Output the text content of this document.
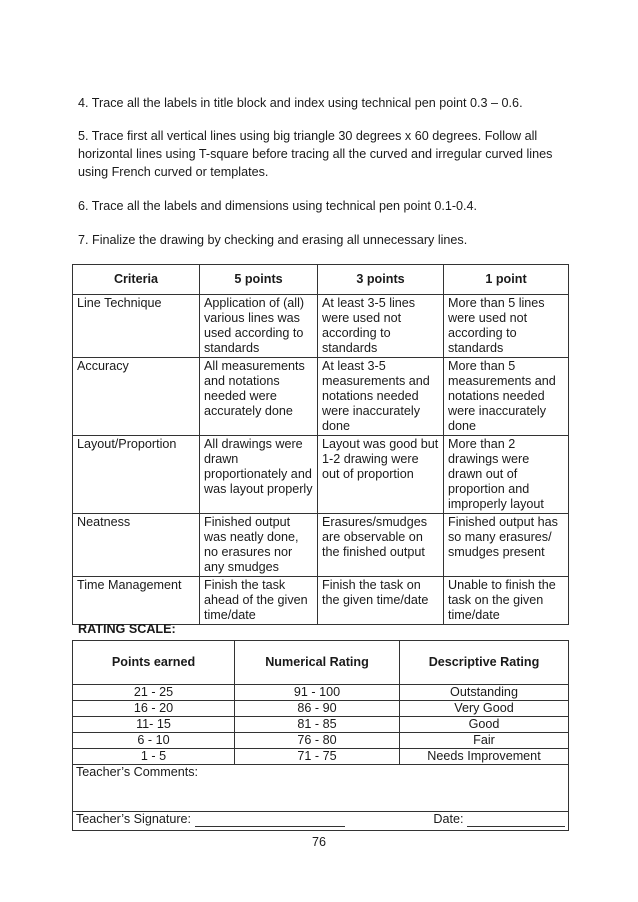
4. Trace all the labels in title block and index using technical pen point 0.3 – 0.6.

5. Trace first all vertical lines using big triangle 30 degrees x 60 degrees. Follow all horizontal lines using T-square before tracing all the curved and irregular curved lines using French curved or templates.

6. Trace all the labels and dimensions using technical pen point 0.1-0.4.

7. Finalize the drawing by checking and erasing all unnecessary lines.

Criteria	5 points	3 points	1 point
Line Technique	Application of (all) various lines was used according to standards	At least 3-5 lines were used not according to standards	More than 5 lines were used not according to standards
Accuracy	All measurements and notations needed were accurately done	At least 3-5 measurements and notations needed were inaccurately done	More than 5 measurements and notations needed were inaccurately done
Layout/Proportion	All drawings were drawn proportionately and was layout properly	Layout was good but 1-2 drawing were out of proportion	More than 2 drawings were drawn out of proportion and improperly layout
Neatness	Finished output was neatly done, no erasures nor any smudges	Erasures/smudges are observable on the finished output	Finished output has so many erasures/ smudges present
Time Management	Finish the task ahead of the given time/date	Finish the task on the given time/date	Unable to finish the task on the given time/date

RATING SCALE:

Points earned	Numerical Rating	Descriptive Rating
21 - 25	91 - 100	Outstanding
16 - 20	86 - 90	Very Good
11- 15	81 - 85	Good
6 - 10	76 - 80	Fair
1 - 5	71 - 75	Needs Improvement
Teacher’s Comments:		

Teacher’s Signature: Date:		
76
